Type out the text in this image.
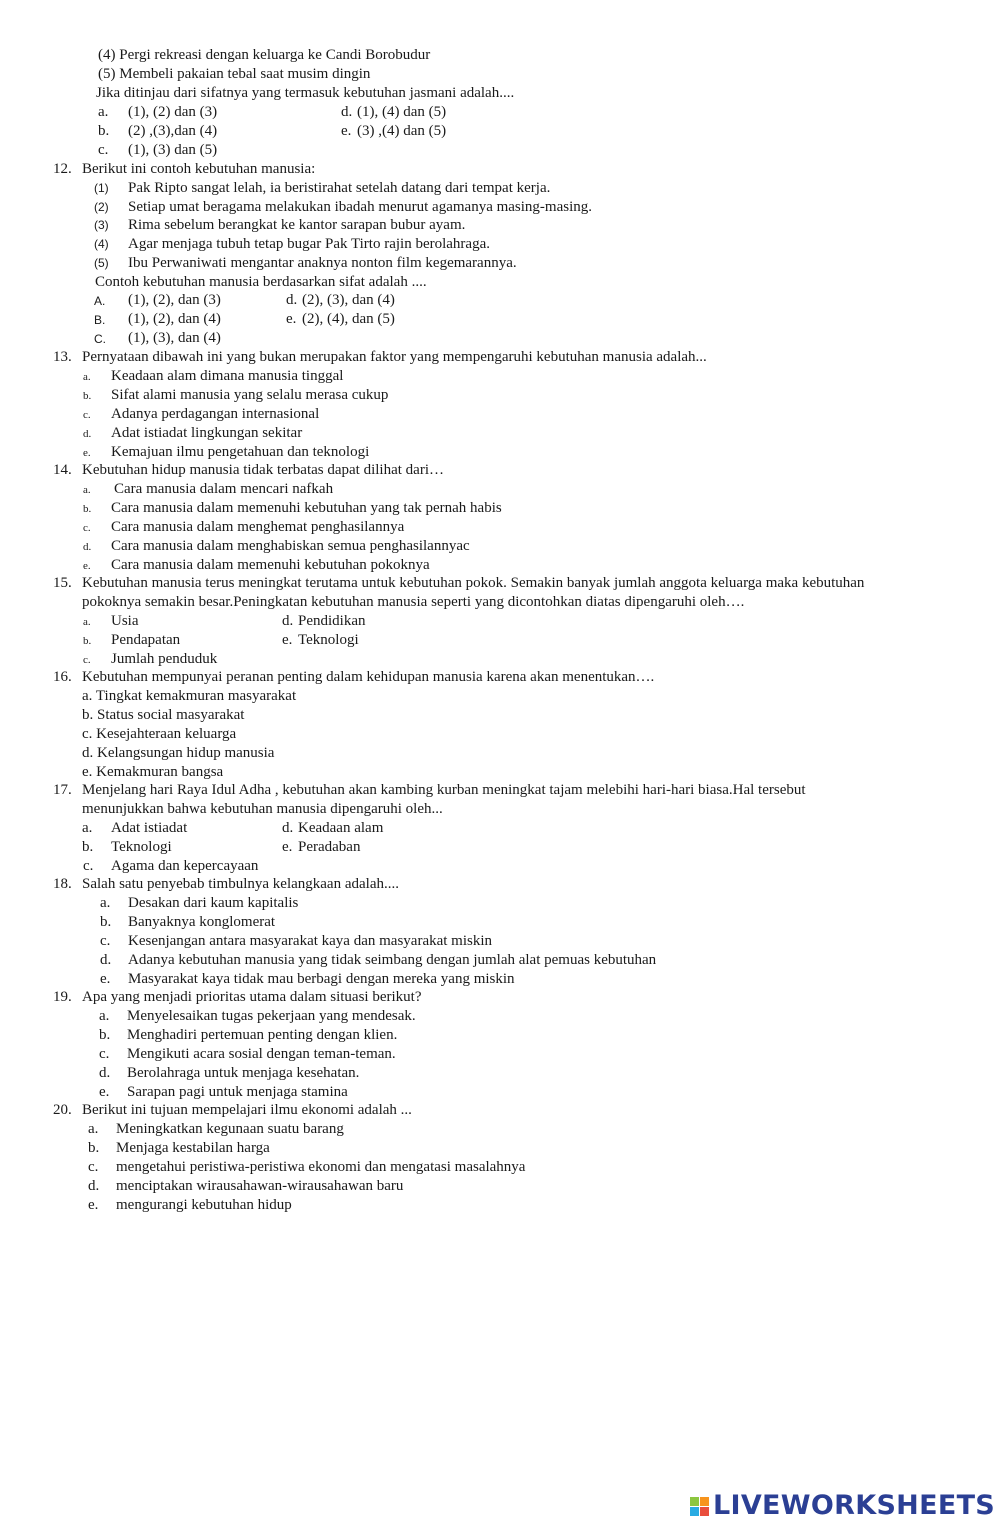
(4) Pergi rekreasi dengan keluarga ke Candi Borobudur
(5) Membeli pakaian tebal saat musim dingin
Jika ditinjau dari sifatnya yang termasuk kebutuhan jasmani adalah....
a. (1), (2) dan (3)	d. (1), (4) dan (5)
b. (2) ,(3),dan (4)	e. (3) ,(4) dan (5)
c. (1), (3) dan (5)
12. Berikut ini contoh kebutuhan manusia:
(1) Pak Ripto sangat lelah, ia beristirahat setelah datang dari tempat kerja.
(2) Setiap umat beragama melakukan ibadah menurut agamanya masing-masing.
(3) Rima sebelum berangkat ke kantor sarapan bubur ayam.
(4) Agar menjaga tubuh tetap bugar Pak Tirto rajin berolahraga.
(5) Ibu Perwaniwati mengantar anaknya nonton film kegemarannya.
Contoh kebutuhan manusia berdasarkan sifat adalah ....
A. (1), (2), dan (3)	d. (2), (3), dan (4)
B. (1), (2), dan (4)	e. (2), (4), dan (5)
C. (1), (3), dan (4)
13. Pernyataan dibawah ini yang bukan merupakan faktor yang mempengaruhi kebutuhan manusia adalah...
a. Keadaan alam dimana manusia tinggal
b. Sifat alami manusia yang selalu merasa cukup
c. Adanya perdagangan internasional
d. Adat istiadat lingkungan sekitar
e. Kemajuan ilmu pengetahuan dan teknologi
14. Kebutuhan hidup manusia tidak terbatas dapat dilihat dari…
a. Cara manusia dalam mencari nafkah
b. Cara manusia dalam memenuhi kebutuhan yang tak pernah habis
c. Cara manusia dalam menghemat penghasilannya
d. Cara manusia dalam menghabiskan semua penghasilannyac
e. Cara manusia dalam memenuhi kebutuhan pokoknya
15. Kebutuhan manusia terus meningkat terutama untuk kebutuhan pokok. Semakin banyak jumlah anggota keluarga maka kebutuhan
pokoknya semakin besar.Peningkatan kebutuhan manusia seperti yang dicontohkan diatas dipengaruhi oleh….
a. Usia	d. Pendidikan
b. Pendapatan	e. Teknologi
c. Jumlah penduduk
16. Kebutuhan mempunyai peranan penting dalam kehidupan manusia karena akan menentukan….
a. Tingkat kemakmuran masyarakat
b. Status social masyarakat
c. Kesejahteraan keluarga
d. Kelangsungan hidup manusia
e. Kemakmuran bangsa
17. Menjelang hari Raya Idul Adha , kebutuhan akan kambing kurban meningkat tajam melebihi hari-hari biasa.Hal tersebut
menunjukkan bahwa kebutuhan manusia dipengaruhi oleh...
a. Adat istiadat	d. Keadaan alam
b. Teknologi	e. Peradaban
c. Agama dan kepercayaan
18. Salah satu penyebab timbulnya kelangkaan adalah....
a. Desakan dari kaum kapitalis
b. Banyaknya konglomerat
c. Kesenjangan antara masyarakat kaya dan masyarakat miskin
d. Adanya kebutuhan manusia yang tidak seimbang dengan jumlah alat pemuas kebutuhan
e. Masyarakat kaya tidak mau berbagi dengan mereka yang miskin
19. Apa yang menjadi prioritas utama dalam situasi berikut?
a. Menyelesaikan tugas pekerjaan yang mendesak.
b. Menghadiri pertemuan penting dengan klien.
c. Mengikuti acara sosial dengan teman-teman.
d. Berolahraga untuk menjaga kesehatan.
e. Sarapan pagi untuk menjaga stamina
20. Berikut ini tujuan mempelajari ilmu ekonomi adalah ...
a. Meningkatkan kegunaan suatu barang
b. Menjaga kestabilan harga
c. mengetahui peristiwa-peristiwa ekonomi dan mengatasi masalahnya
d. menciptakan wirausahawan-wirausahawan baru
e. mengurangi kebutuhan hidup
LIVEWORKSHEETS
